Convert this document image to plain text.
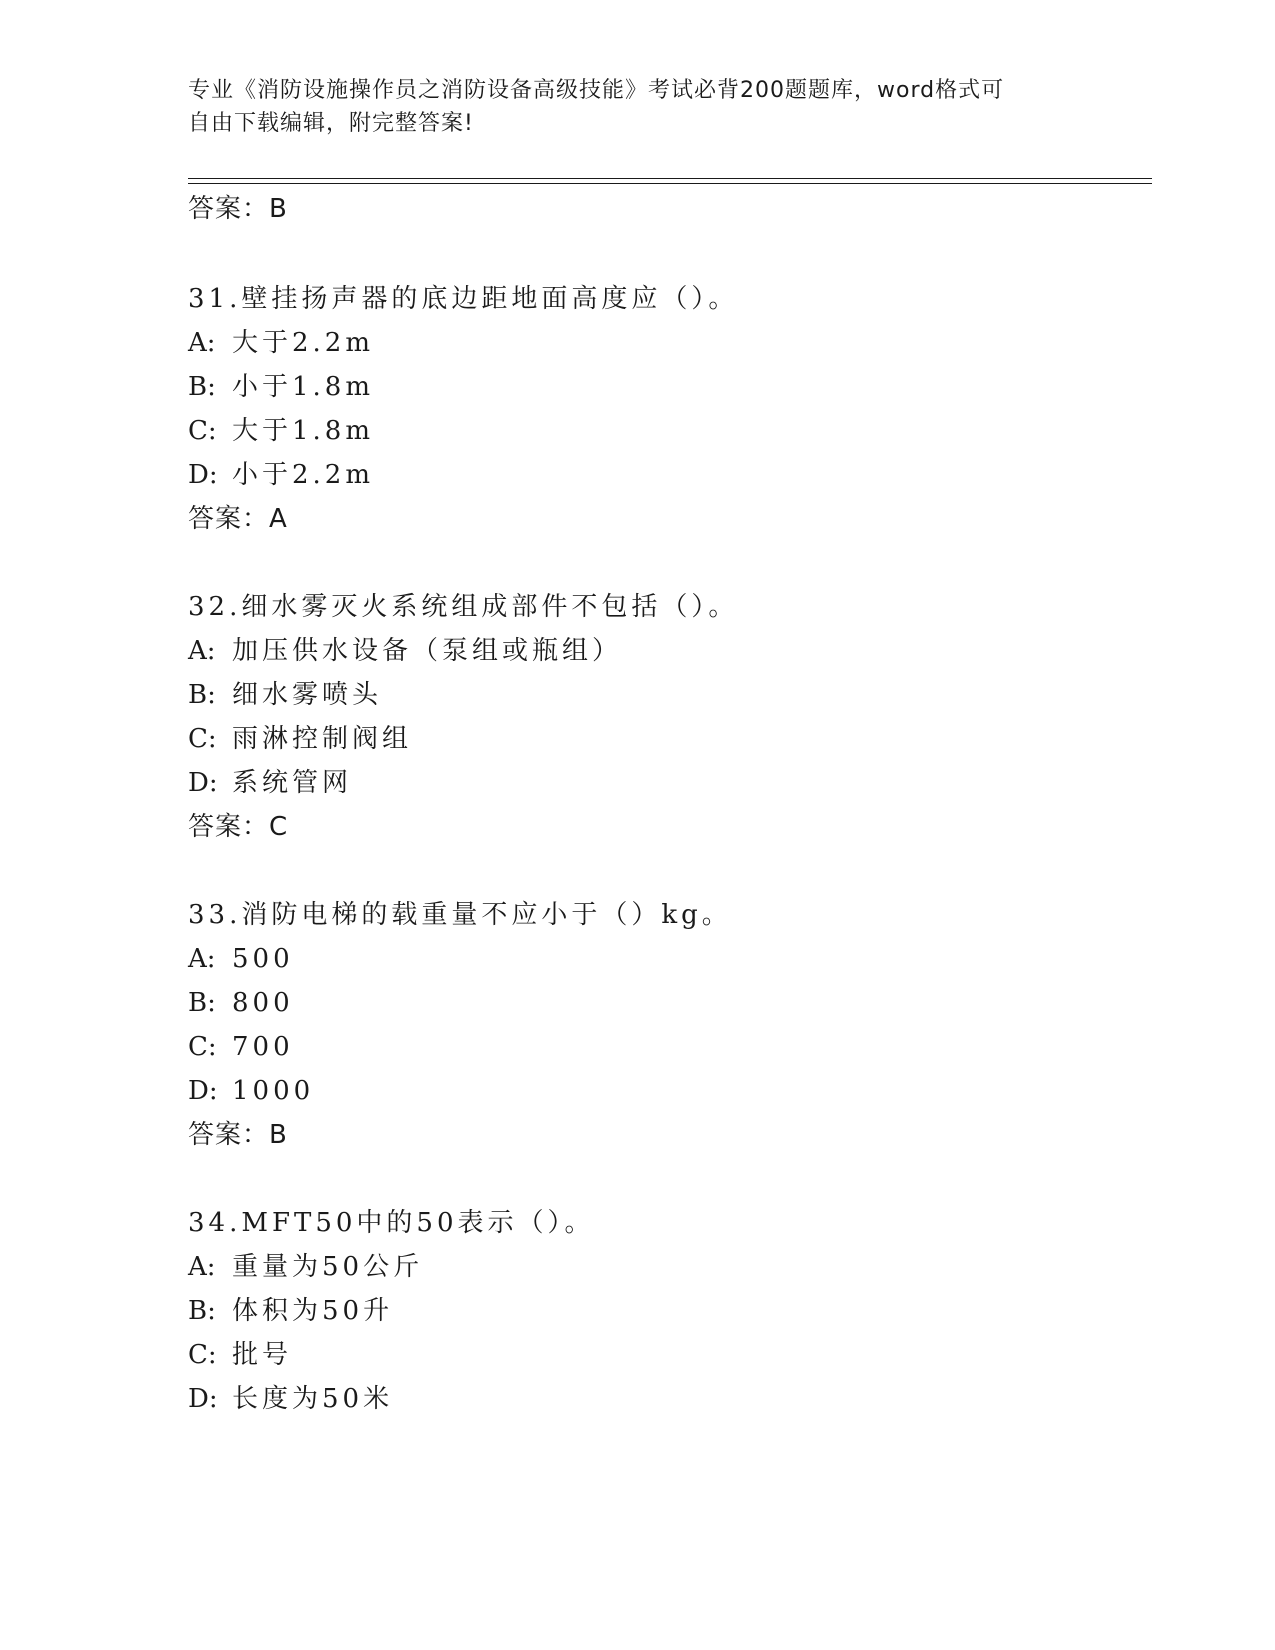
专业《消防设施操作员之消防设备高级技能》考试必背200题题库，word格式可
自由下载编辑，附完整答案!
答案：B
31.壁挂扬声器的底边距地面高度应（）。
A: 大于2.2m
B: 小于1.8m
C: 大于1.8m
D: 小于2.2m
答案：A
32.细水雾灭火系统组成部件不包括（）。
A: 加压供水设备（泵组或瓶组）
B: 细水雾喷头
C: 雨淋控制阀组
D: 系统管网
答案：C
33.消防电梯的载重量不应小于（）kg。
A: 500
B: 800
C: 700
D: 1000
答案：B
34.MFT50中的50表示（）。
A: 重量为50公斤
B: 体积为50升
C: 批号
D: 长度为50米
